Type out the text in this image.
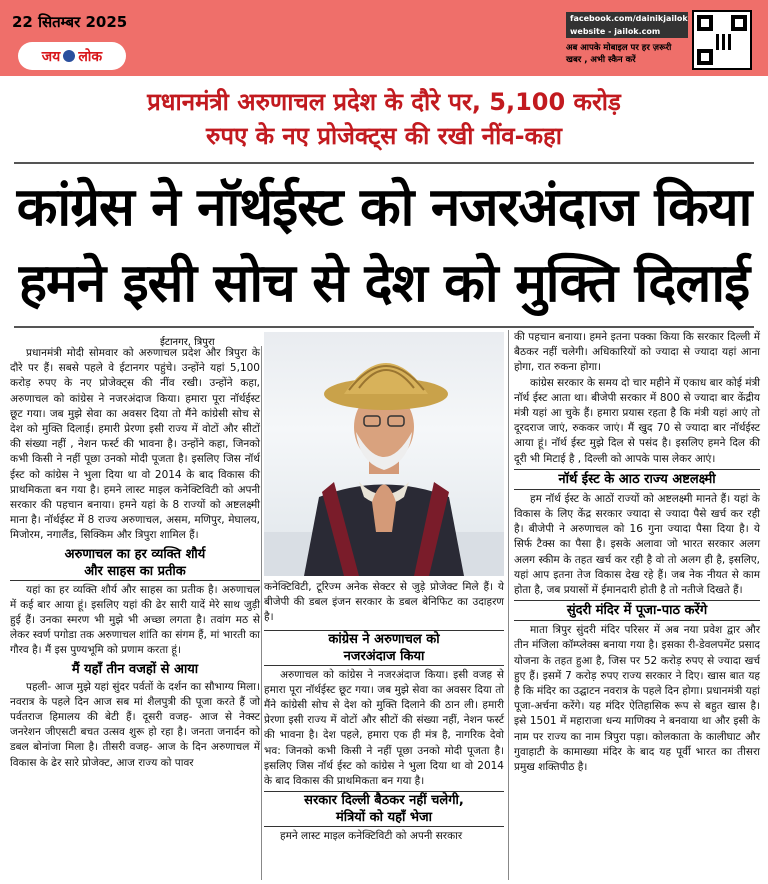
22 सितम्बर 2025
जय लोक
facebook.com/dainikjailok
website - jailok.com
अब आपके मोबाइल पर हर ज़रूरी खबर , अभी स्कैन करें
प्रधानमंत्री अरुणाचल प्रदेश के दौरे पर, 5,100 करोड़
रुपए के नए प्रोजेक्ट्स की रखी नींव-कहा
कांग्रेस ने नॉर्थईस्ट को नजरअंदाज किया
हमने इसी सोच से देश को मुक्ति दिलाई
ईटानगर, त्रिपुरा

प्रधानमंत्री मोदी सोमवार को अरुणाचल प्रदेश और त्रिपुरा के दौरे पर हैं। सबसे पहले वे ईटानगर पहुंचे। उन्होंने यहां 5,100 करोड़ रुपए के नए प्रोजेक्ट्स की नींव रखी। उन्होंने कहा, अरुणाचल को कांग्रेस ने नजरअंदाज किया। हमारा पूरा नॉर्थईस्ट छूट गया। जब मुझे सेवा का अवसर दिया तो मैंने कांग्रेसी सोच से देश को मुक्ति दिलाई। हमारी प्रेरणा इसी राज्य में वोटों और सीटों की संख्या नहीं , नेशन फर्स्ट की भावना है। उन्होंने कहा, जिनको कभी किसी ने नहीं पूछा उनको मोदी पूजता है। इसलिए जिस नॉर्थ ईस्ट को कांग्रेस ने भुला दिया था वो 2014 के बाद विकास की प्राथमिकता बन गया है। हमने लास्ट माइल कनेक्टिविटी को अपनी सरकार की पहचान बनाया। हमने यहां के 8 राज्यों को अष्टलक्ष्मी माना है। नॉर्थईस्ट में 8 राज्य अरुणाचल, असम, मणिपुर, मेघालय, मिजोरम, नगालैंड, सिक्किम और त्रिपुरा शामिल हैं।

अरुणाचल का हर व्यक्ति शौर्य
और साहस का प्रतीक

यहां का हर व्यक्ति शौर्य और साहस का प्रतीक है। अरुणाचल में कई बार आया हूं। इसलिए यहां की ढेर सारी यादें मेरे साथ जुड़ी हुई हैं। उनका स्मरण भी मुझे भी अच्छा लगता है। तवांग मठ से लेकर स्वर्ण पगोडा तक अरुणाचल शांति का संगम हैं, मां भारती का गौरव है। मैं इस पुण्यभूमि को प्रणाम करता हूं।

मैं यहाँ तीन वजहों से आया

पहली- आज मुझे यहां सुंदर पर्वतों के दर्शन का सौभाग्य मिला। नवरात्र के पहले दिन आज सब मां शैलपुत्री की पूजा करते हैं जो पर्वतराज हिमालय की बेटी हैं। दूसरी वजह- आज से नेक्स्ट जनरेशन जीएसटी बचत उत्सव शुरू हो रहा है। जनता जनार्दन को डबल बोनांजा मिला है। तीसरी वजह- आज के दिन अरुणाचल में विकास के ढेर सारे प्रोजेक्ट, आज राज्य को पावर

कनेक्टिविटी, टूरिज्म अनेक सेक्टर से जुड़े प्रोजेक्ट मिले हैं। ये बीजेपी की डबल इंजन सरकार के डबल बेनिफिट का उदाहरण है।

कांग्रेस ने अरुणाचल को
नजरअंदाज किया

अरुणाचल को कांग्रेस ने नजरअंदाज किया। इसी वजह से हमारा पूरा नॉर्थईस्ट छूट गया। जब मुझे सेवा का अवसर दिया तो मैंने कांग्रेसी सोच से देश को मुक्ति दिलाने की ठान ली। हमारी प्रेरणा इसी राज्य में वोटों और सीटों की संख्या नहीं, नेशन फर्स्ट की भावना है। देश पहले, हमारा एक ही मंत्र है, नागरिक देवो भव: जिनको कभी किसी ने नहीं पूछा उनको मोदी पूजता है। इसलिए जिस नॉर्थ ईस्ट को कांग्रेस ने भुला दिया था वो 2014 के बाद विकास की प्राथमिकता बन गया है।

सरकार दिल्ली बैठकर नहीं चलेगी,
मंत्रियों को यहाँ भेजा

हमने लास्ट माइल कनेक्टिविटी को अपनी सरकार

की पहचान बनाया। हमने इतना पक्का किया कि सरकार दिल्ली में बैठकर नहीं चलेगी। अधिकारियों को ज्यादा से ज्यादा यहां आना होगा, रात रुकना होगा।

कांग्रेस सरकार के समय दो चार महीने में एकाध बार कोई मंत्री नॉर्थ ईस्ट आता था। बीजेपी सरकार में 800 से ज्यादा बार केंद्रीय मंत्री यहां आ चुके हैं। हमारा प्रयास रहता है कि मंत्री यहां आएं तो दूरदराज जाएं, रुककर जाएं। मैं खुद 70 से ज्यादा बार नॉर्थईस्ट आया हूं। नॉर्थ ईस्ट मुझे दिल से पसंद है। इसलिए हमने दिल की दूरी भी मिटाई है , दिल्ली को आपके पास लेकर आएं।

नॉर्थ ईस्ट के आठ राज्य अष्टलक्ष्मी

हम नॉर्थ ईस्ट के आठों राज्यों को अष्टलक्ष्मी मानते हैं। यहां के विकास के लिए केंद्र सरकार ज्यादा से ज्यादा पैसे खर्च कर रही है। बीजेपी ने अरुणाचल को 16 गुना ज्यादा पैसा दिया है। ये सिर्फ टैक्स का पैसा है। इसके अलावा जो भारत सरकार अलग अलग स्कीम के तहत खर्च कर रही है वो तो अलग ही है, इसलिए, यहां आप इतना तेज विकास देख रहे हैं। जब नेक नीयत से काम होता है, जब प्रयासों में ईमानदारी होती है तो नतीजे दिखते हैं।

सुंदरी मंदिर में पूजा-पाठ करेंगे

माता त्रिपुर सुंदरी मंदिर परिसर में अब नया प्रवेश द्वार और तीन मंजिला कॉम्प्लेक्स बनाया गया है। इसका री-डेवलपमेंट प्रसाद योजना के तहत हुआ है, जिस पर 52 करोड़ रुपए से ज्यादा खर्च हुए हैं। इसमें 7 करोड़ रुपए राज्य सरकार ने दिए। खास बात यह है कि मंदिर का उद्घाटन नवरात्र के पहले दिन होगा। प्रधानमंत्री यहां पूजा-अर्चना करेंगे। यह मंदिर ऐतिहासिक रूप से बहुत खास है। इसे 1501 में महाराजा धन्य माणिक्य ने बनवाया था और इसी के नाम पर राज्य का नाम त्रिपुरा पड़ा। कोलकाता के कालीघाट और गुवाहाटी के कामाख्या मंदिर के बाद यह पूर्वी भारत का तीसरा प्रमुख शक्तिपीठ है।
